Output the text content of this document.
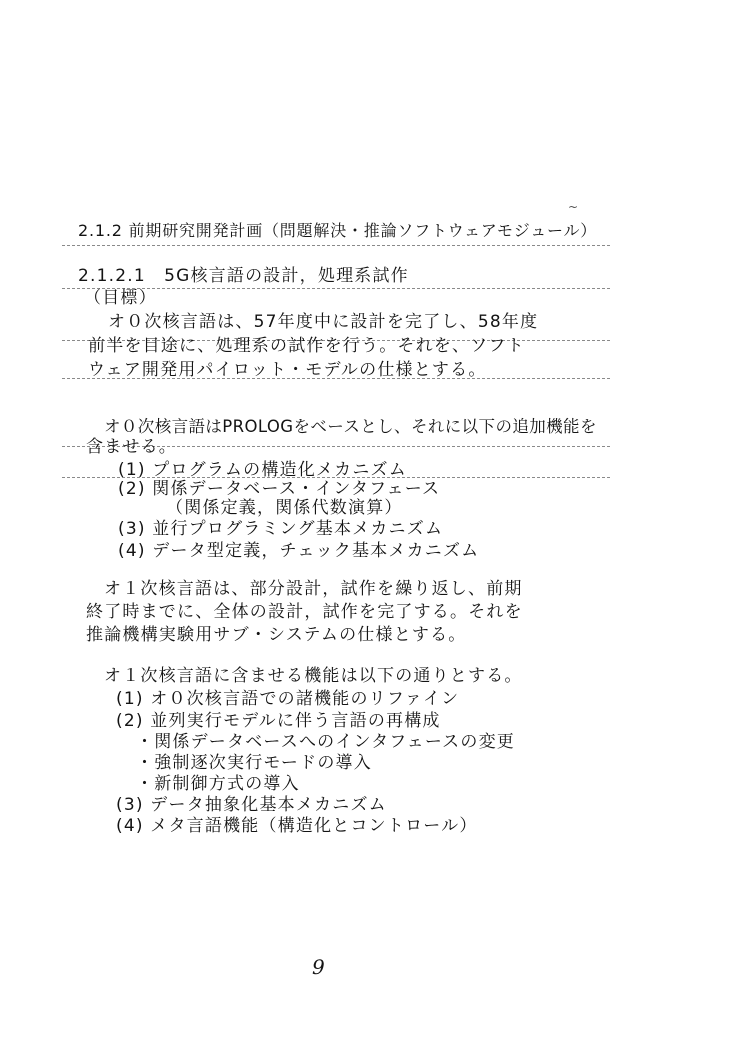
~
2.1.2 前期研究開発計画（問題解決・推論ソフトウェアモジュール）
2.1.2.1　5G核言語の設計，処理系試作
（目標）
オ０次核言語は、57年度中に設計を完了し、58年度
前半を目途に、処理系の試作を行う。それを、ソフト
ウェア開発用パイロット・モデルの仕様とする。
オ０次核言語はPROLOGをベースとし、それに以下の追加機能を
含ませる。
(1) プログラムの構造化メカニズム
(2) 関係データベース・インタフェース
（関係定義，関係代数演算）
(3) 並行プログラミング基本メカニズム
(4) データ型定義，チェック基本メカニズム
オ１次核言語は、部分設計，試作を繰り返し、前期
終了時までに、全体の設計，試作を完了する。それを
推論機構実験用サブ・システムの仕様とする。
オ１次核言語に含ませる機能は以下の通りとする。
(1) オ０次核言語での諸機能のリファイン
(2) 並列実行モデルに伴う言語の再構成
・関係データベースへのインタフェースの変更
・強制逐次実行モードの導入
・新制御方式の導入
(3) データ抽象化基本メカニズム
(4) メタ言語機能（構造化とコントロール）
9
